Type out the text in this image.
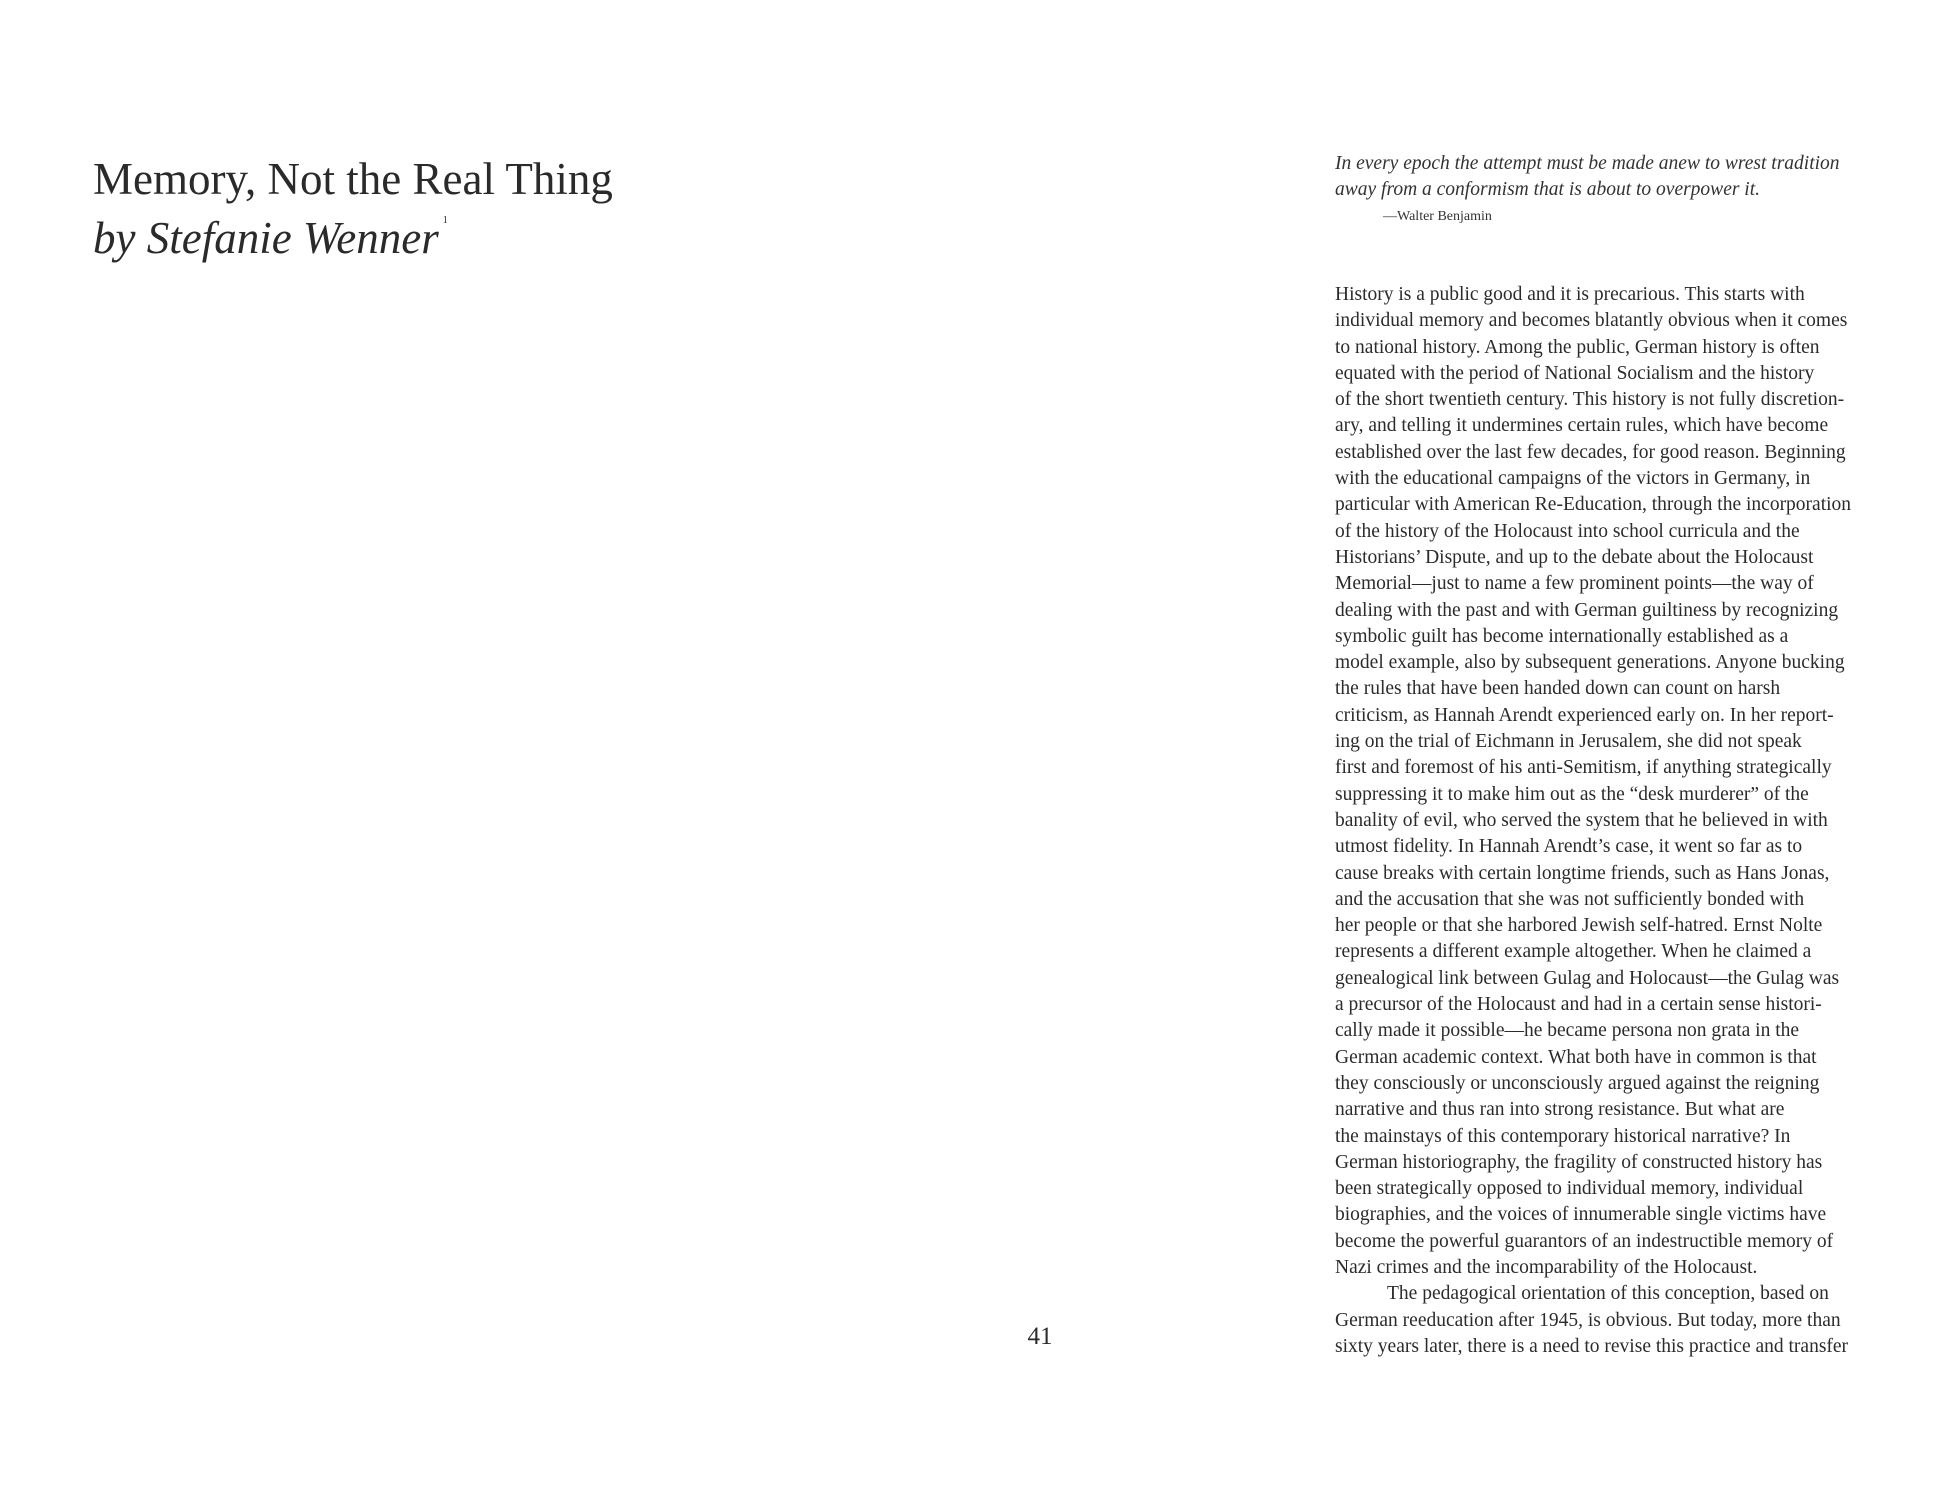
Memory, Not the Real Thing

by Stefanie Wenner $^1$

41

In every epoch the attempt must be made anew to wrest tradition
away from a conformism that is about to overpower it.

—Walter Benjamin

History is a public good and it is precarious. This starts with
individual memory and becomes blatantly obvious when it comes
to national history. Among the public, German history is often
equated with the period of National Socialism and the history
of the short twentieth century. This history is not fully discretion-
ary, and telling it undermines certain rules, which have become
established over the last few decades, for good reason. Beginning
with the educational campaigns of the victors in Germany, in
particular with American Re-Education, through the incorporation
of the history of the Holocaust into school curricula and the
Historians’ Dispute, and up to the debate about the Holocaust
Memorial—just to name a few prominent points—the way of
dealing with the past and with German guiltiness by recognizing
symbolic guilt has become internationally established as a
model example, also by subsequent generations. Anyone bucking
the rules that have been handed down can count on harsh
criticism, as Hannah Arendt experienced early on. In her report-
ing on the trial of Eichmann in Jerusalem, she did not speak
first and foremost of his anti-Semitism, if anything strategically
suppressing it to make him out as the “desk murderer” of the
banality of evil, who served the system that he believed in with
utmost fidelity. In Hannah Arendt’s case, it went so far as to
cause breaks with certain longtime friends, such as Hans Jonas,
and the accusation that she was not sufficiently bonded with
her people or that she harbored Jewish self-hatred. Ernst Nolte
represents a different example altogether. When he claimed a
genealogical link between Gulag and Holocaust—the Gulag was
a precursor of the Holocaust and had in a certain sense histori-
cally made it possible—he became persona non grata in the
German academic context. What both have in common is that
they consciously or unconsciously argued against the reigning
narrative and thus ran into strong resistance. But what are
the mainstays of this contemporary historical narrative? In
German historiography, the fragility of constructed history has
been strategically opposed to individual memory, individual
biographies, and the voices of innumerable single victims have
become the powerful guarantors of an indestructible memory of
Nazi crimes and the incomparability of the Holocaust.
The pedagogical orientation of this conception, based on
German reeducation after 1945, is obvious. But today, more than
sixty years later, there is a need to revise this practice and transfer
